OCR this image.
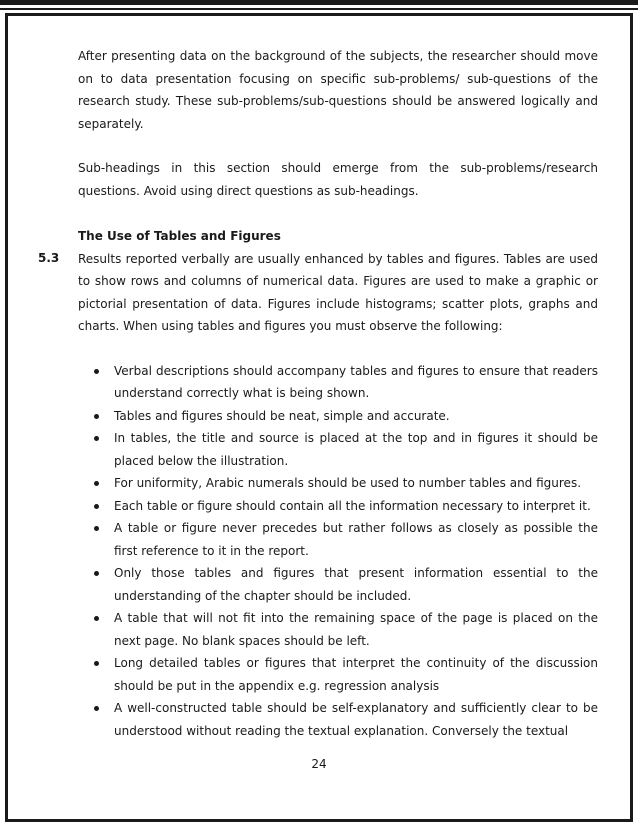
5.3

After presenting data on the background of the subjects, the researcher should move on to data presentation focusing on specific sub-problems/ sub-questions of the research study. These sub-problems/sub-questions should be answered logically and separately.

Sub-headings in this section should emerge from the sub-problems/research questions. Avoid using direct questions as sub-headings.

The Use of Tables and Figures

Results reported verbally are usually enhanced by tables and figures. Tables are used to show rows and columns of numerical data. Figures are used to make a graphic or pictorial presentation of data. Figures include histograms; scatter plots, graphs and charts. When using tables and figures you must observe the following:

Verbal descriptions should accompany tables and figures to ensure that readers understand correctly what is being shown.
Tables and figures should be neat, simple and accurate.
In tables, the title and source is placed at the top and in figures it should be placed below the illustration.
For uniformity, Arabic numerals should be used to number tables and figures.
Each table or figure should contain all the information necessary to interpret it.
A table or figure never precedes but rather follows as closely as possible the first reference to it in the report.
Only those tables and figures that present information essential to the understanding of the chapter should be included.
A table that will not fit into the remaining space of the page is placed on the next page. No blank spaces should be left.
Long detailed tables or figures that interpret the continuity of the discussion should be put in the appendix e.g. regression analysis
A well-constructed table should be self-explanatory and sufficiently clear to be understood without reading the textual explanation. Conversely the textual
24
